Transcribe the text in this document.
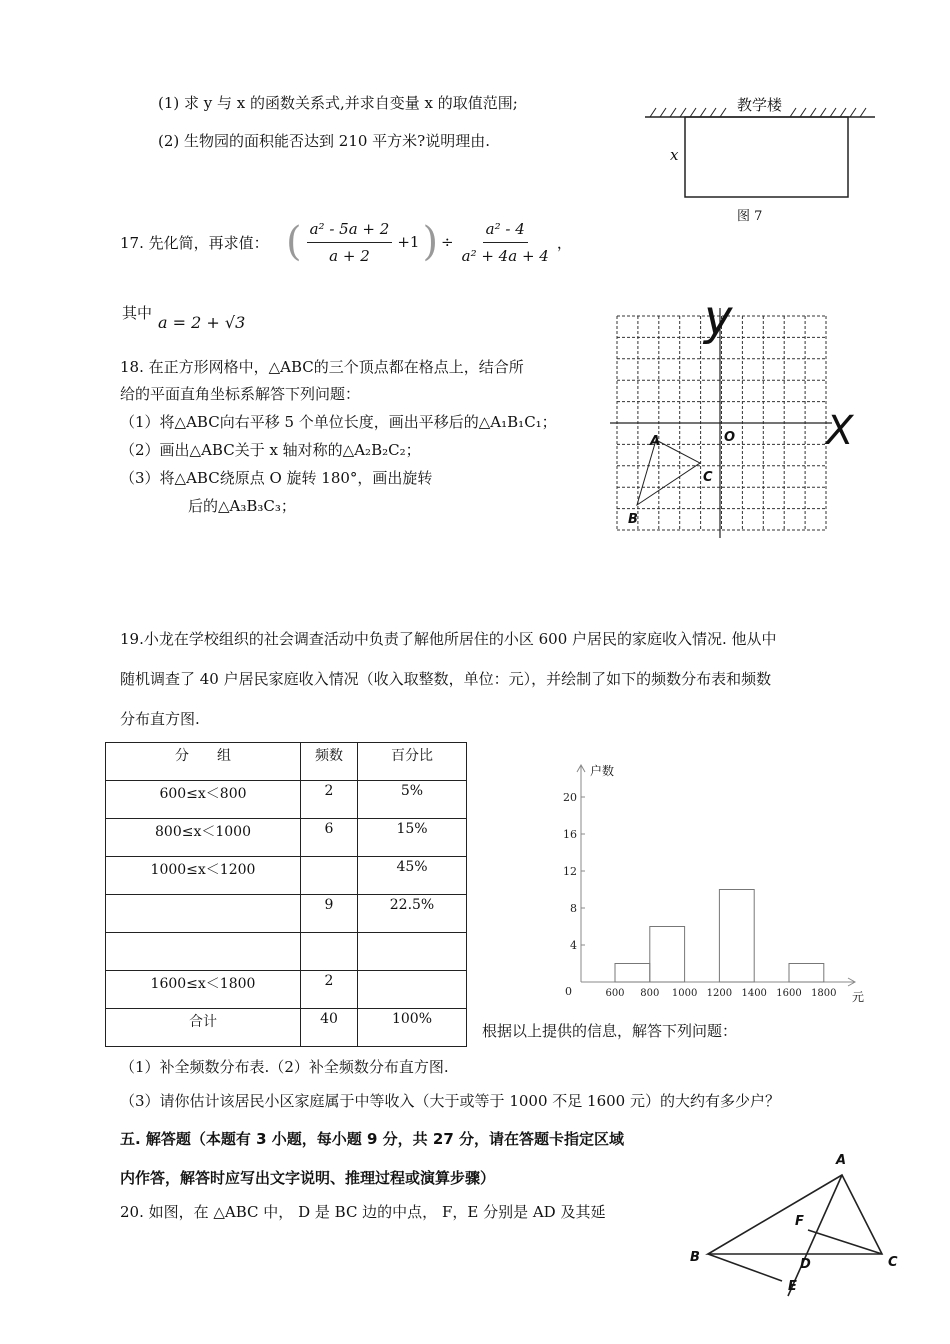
0
4
8
12
16
20
600 800 1000 1200 1400 1600 1800
(1) 求 y 与 x 的函数关系式,并求自变量 x 的取值范围;
(2) 生物园的面积能否达到 210 平方米?说明理由.
教学楼
x
图 7
17. 先化简，再求值： ( $\frac{\text{a² - 5a + 2}}{a + 2} +1$ ) ÷ $\frac{\text{a² - 4}}{\text{a² + 4a + 4}}$ ，
其中 a = 2 + √3
18. 在正方形网格中，△ABC的三个顶点都在格点上，结合所
给的平面直角坐标系解答下列问题：
（1）将△ABC向右平移 5 个单位长度，画出平移后的△A₁B₁C₁；
（2）画出△ABC关于 x 轴对称的△A₂B₂C₂；
（3）将△ABC绕原点 O 旋转 180°，画出旋转
后的△A₃B₃C₃；
y
X
O
A
B
C
19.小龙在学校组织的社会调查活动中负责了解他所居住的小区 600 户居民的家庭收入情况. 他从中
随机调查了 40 户居民家庭收入情况（收入取整数，单位：元），并绘制了如下的频数分布表和频数
分布直方图.
分　　组	频数	百分比
600≤x＜800	2	5%
800≤x＜1000	6	15%
1000≤x＜1200		45%
	9	22.5%

1600≤x＜1800	2	
合计	40	100%
户数
元
根据以上提供的信息，解答下列问题：
（1）补全频数分布表.（2）补全频数分布直方图.
（3）请你估计该居民小区家庭属于中等收入（大于或等于 1000 不足 1600 元）的大约有多少户？
五. 解答题（本题有 3 小题，每小题 9 分，共 27 分，请在答题卡指定区域
内作答，解答时应写出文字说明、推理过程或演算步骤）
20. 如图，在 △ABC 中， D 是 BC 边的中点， F，E 分别是 AD 及其延
A
B	C
D
E
F
